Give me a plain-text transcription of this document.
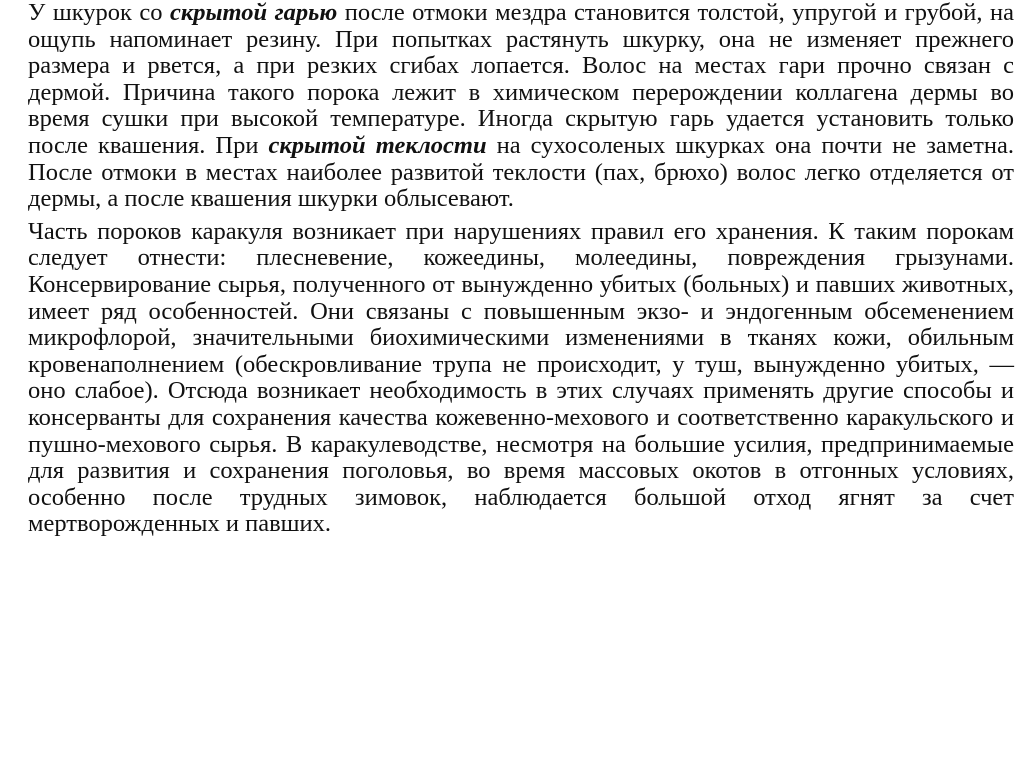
У шкурок со скрытой гарью после отмоки мездра становится толстой, упругой и грубой, на ощупь напоминает резину. При попытках растянуть шкурку, она не изменяет прежнего размера и рвется, а при резких сгибах лопается. Волос на местах гари прочно связан с дермой. Причина такого порока лежит в химическом перерождении коллагена дермы во время сушки при высокой температуре. Иногда скрытую гарь удается установить только после квашения. При скрытой теклости на сухосоленых шкурках она почти не заметна. После отмоки в местах наиболее развитой теклости (пах, брюхо) волос легко отделяется от дермы, а после квашения шкурки облысевают.

Часть пороков каракуля возникает при нарушениях правил его хранения. К таким порокам следует отнести: плесневение, кожеедины, молеедины, повреждения грызунами. Консервирование сырья, полученного от вынужденно убитых (больных) и павших животных, имеет ряд особенностей. Они связаны с повышенным экзо- и эндогенным обсеменением микрофлорой, значительными биохимическими изменениями в тканях кожи, обильным кровенаполнением (обескровливание трупа не происходит, у туш, вынужденно убитых, — оно слабое). Отсюда возникает необходимость в этих случаях применять другие способы и консерванты для сохранения качества кожевенно-мехового и соответственно каракульского и пушно-мехового сырья. В каракулеводстве, несмотря на большие усилия, предпринимаемые для развития и сохранения поголовья, во время массовых окотов в отгонных условиях, особенно после трудных зимовок, наблюдается большой отход ягнят за счет мертворожденных и павших.
